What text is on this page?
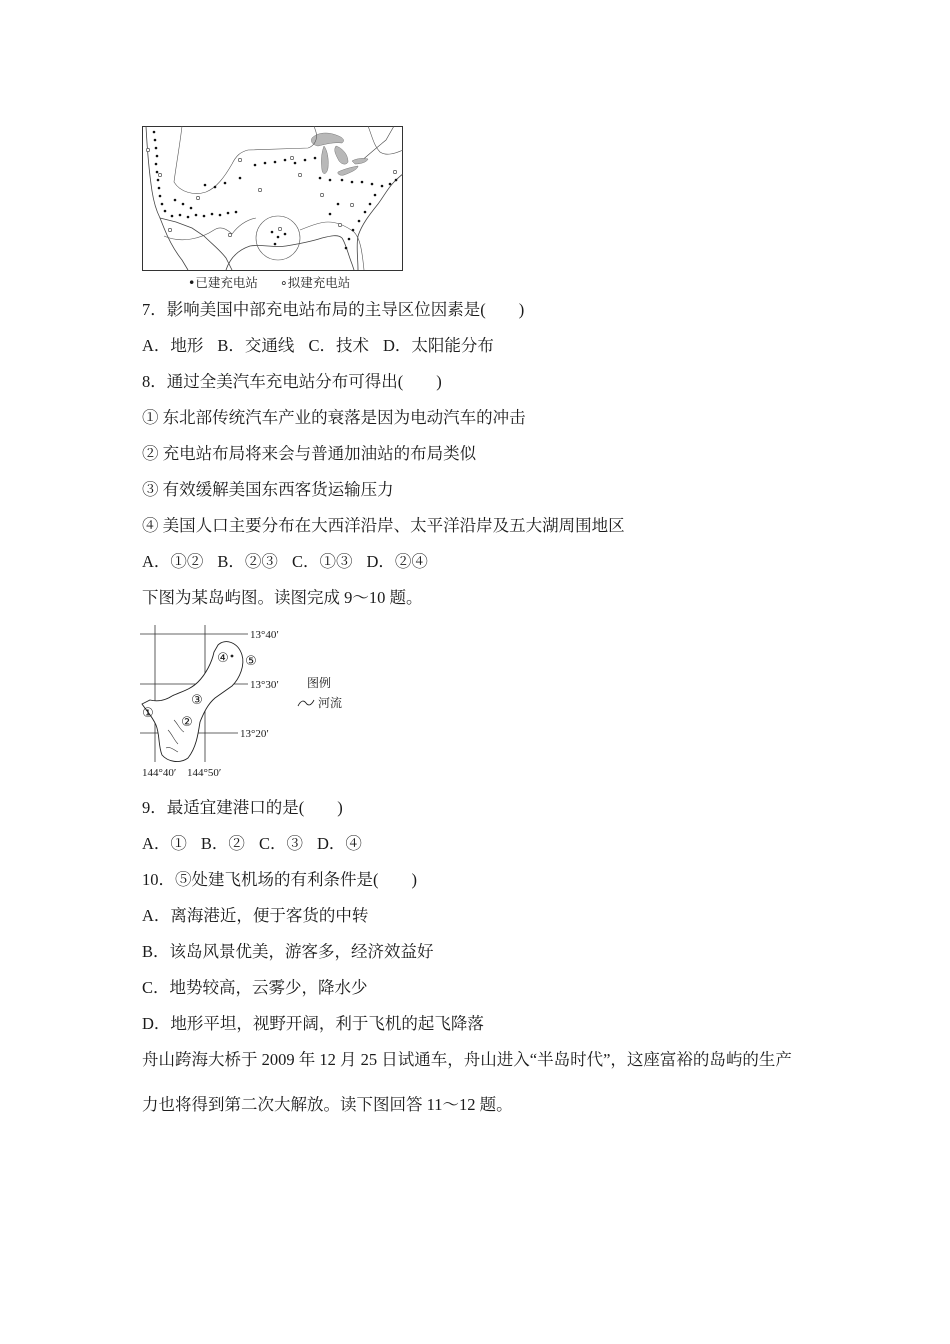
•已建充电站 ∘拟建充电站
7．影响美国中部充电站布局的主导区位因素是(　　)
A．地形 B．交通线 C．技术 D．太阳能分布
8．通过全美汽车充电站分布可得出(　　)
① 东北部传统汽车产业的衰落是因为电动汽车的冲击
② 充电站布局将来会与普通加油站的布局类似
③ 有效缓解美国东西客货运输压力
④ 美国人口主要分布在大西洋沿岸、太平洋沿岸及五大湖周围地区
A．①② B．②③ C．①③ D．②④
下图为某岛屿图。读图完成 9～10 题。
13°40′
13°30′
13°20′
144°40′ 144°50′
①
②
③
④ ⑤
图例
河流
9．最适宜建港口的是(　　)
A．① B．② C．③ D．④
10．⑤处建飞机场的有利条件是(　　)
A．离海港近，便于客货的中转
B．该岛风景优美，游客多，经济效益好
C．地势较高，云雾少，降水少
D．地形平坦，视野开阔，利于飞机的起飞降落
舟山跨海大桥于 2009 年 12 月 25 日试通车，舟山进入“半岛时代”，这座富裕的岛屿的生产
力也将得到第二次大解放。读下图回答 11～12 题。
